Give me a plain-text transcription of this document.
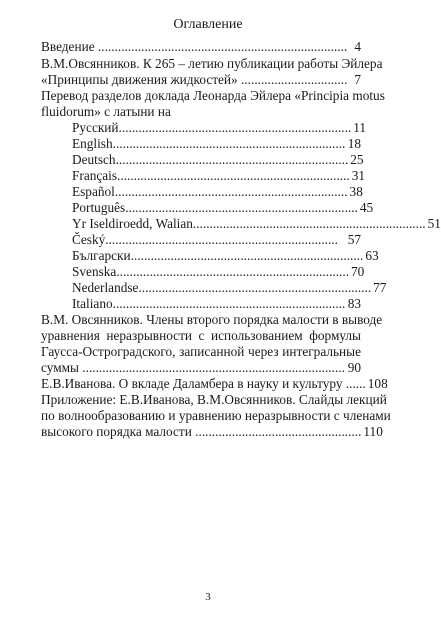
Оглавление
Введение ........................................................................... 4
В.М.Овсянников. К 265 – летию публикации работы Эйлера
«Принципы движения жидкостей» ................................ 7
Перевод разделов доклада Леонарда Эйлера «Principia motus
fluidorum» с латыни на
Русский...................................................................... 11
English...................................................................... 18
Deutsch...................................................................... 25
Français...................................................................... 31
Español...................................................................... 38
Português...................................................................... 45
Yr Iseldiroedd, Walian...................................................................... 51
Český...................................................................... 57
Български...................................................................... 63
Svenska...................................................................... 70
Nederlandse...................................................................... 77
Italiano...................................................................... 83
В.М. Овсянников. Члены второго порядка малости в выводе
уравнения неразрывности с использованием формулы
Гаусса-Остроградского, записанной через интегральные
суммы ............................................................................... 90
Е.В.Иванова. О вкладе Даламбера в науку и культуру ...... 108
Приложение: Е.В.Иванова, В.М.Овсянников. Слайды лекций
по волнообразованию и уравнению неразрывности с членами
высокого порядка малости .................................................. 110
3
